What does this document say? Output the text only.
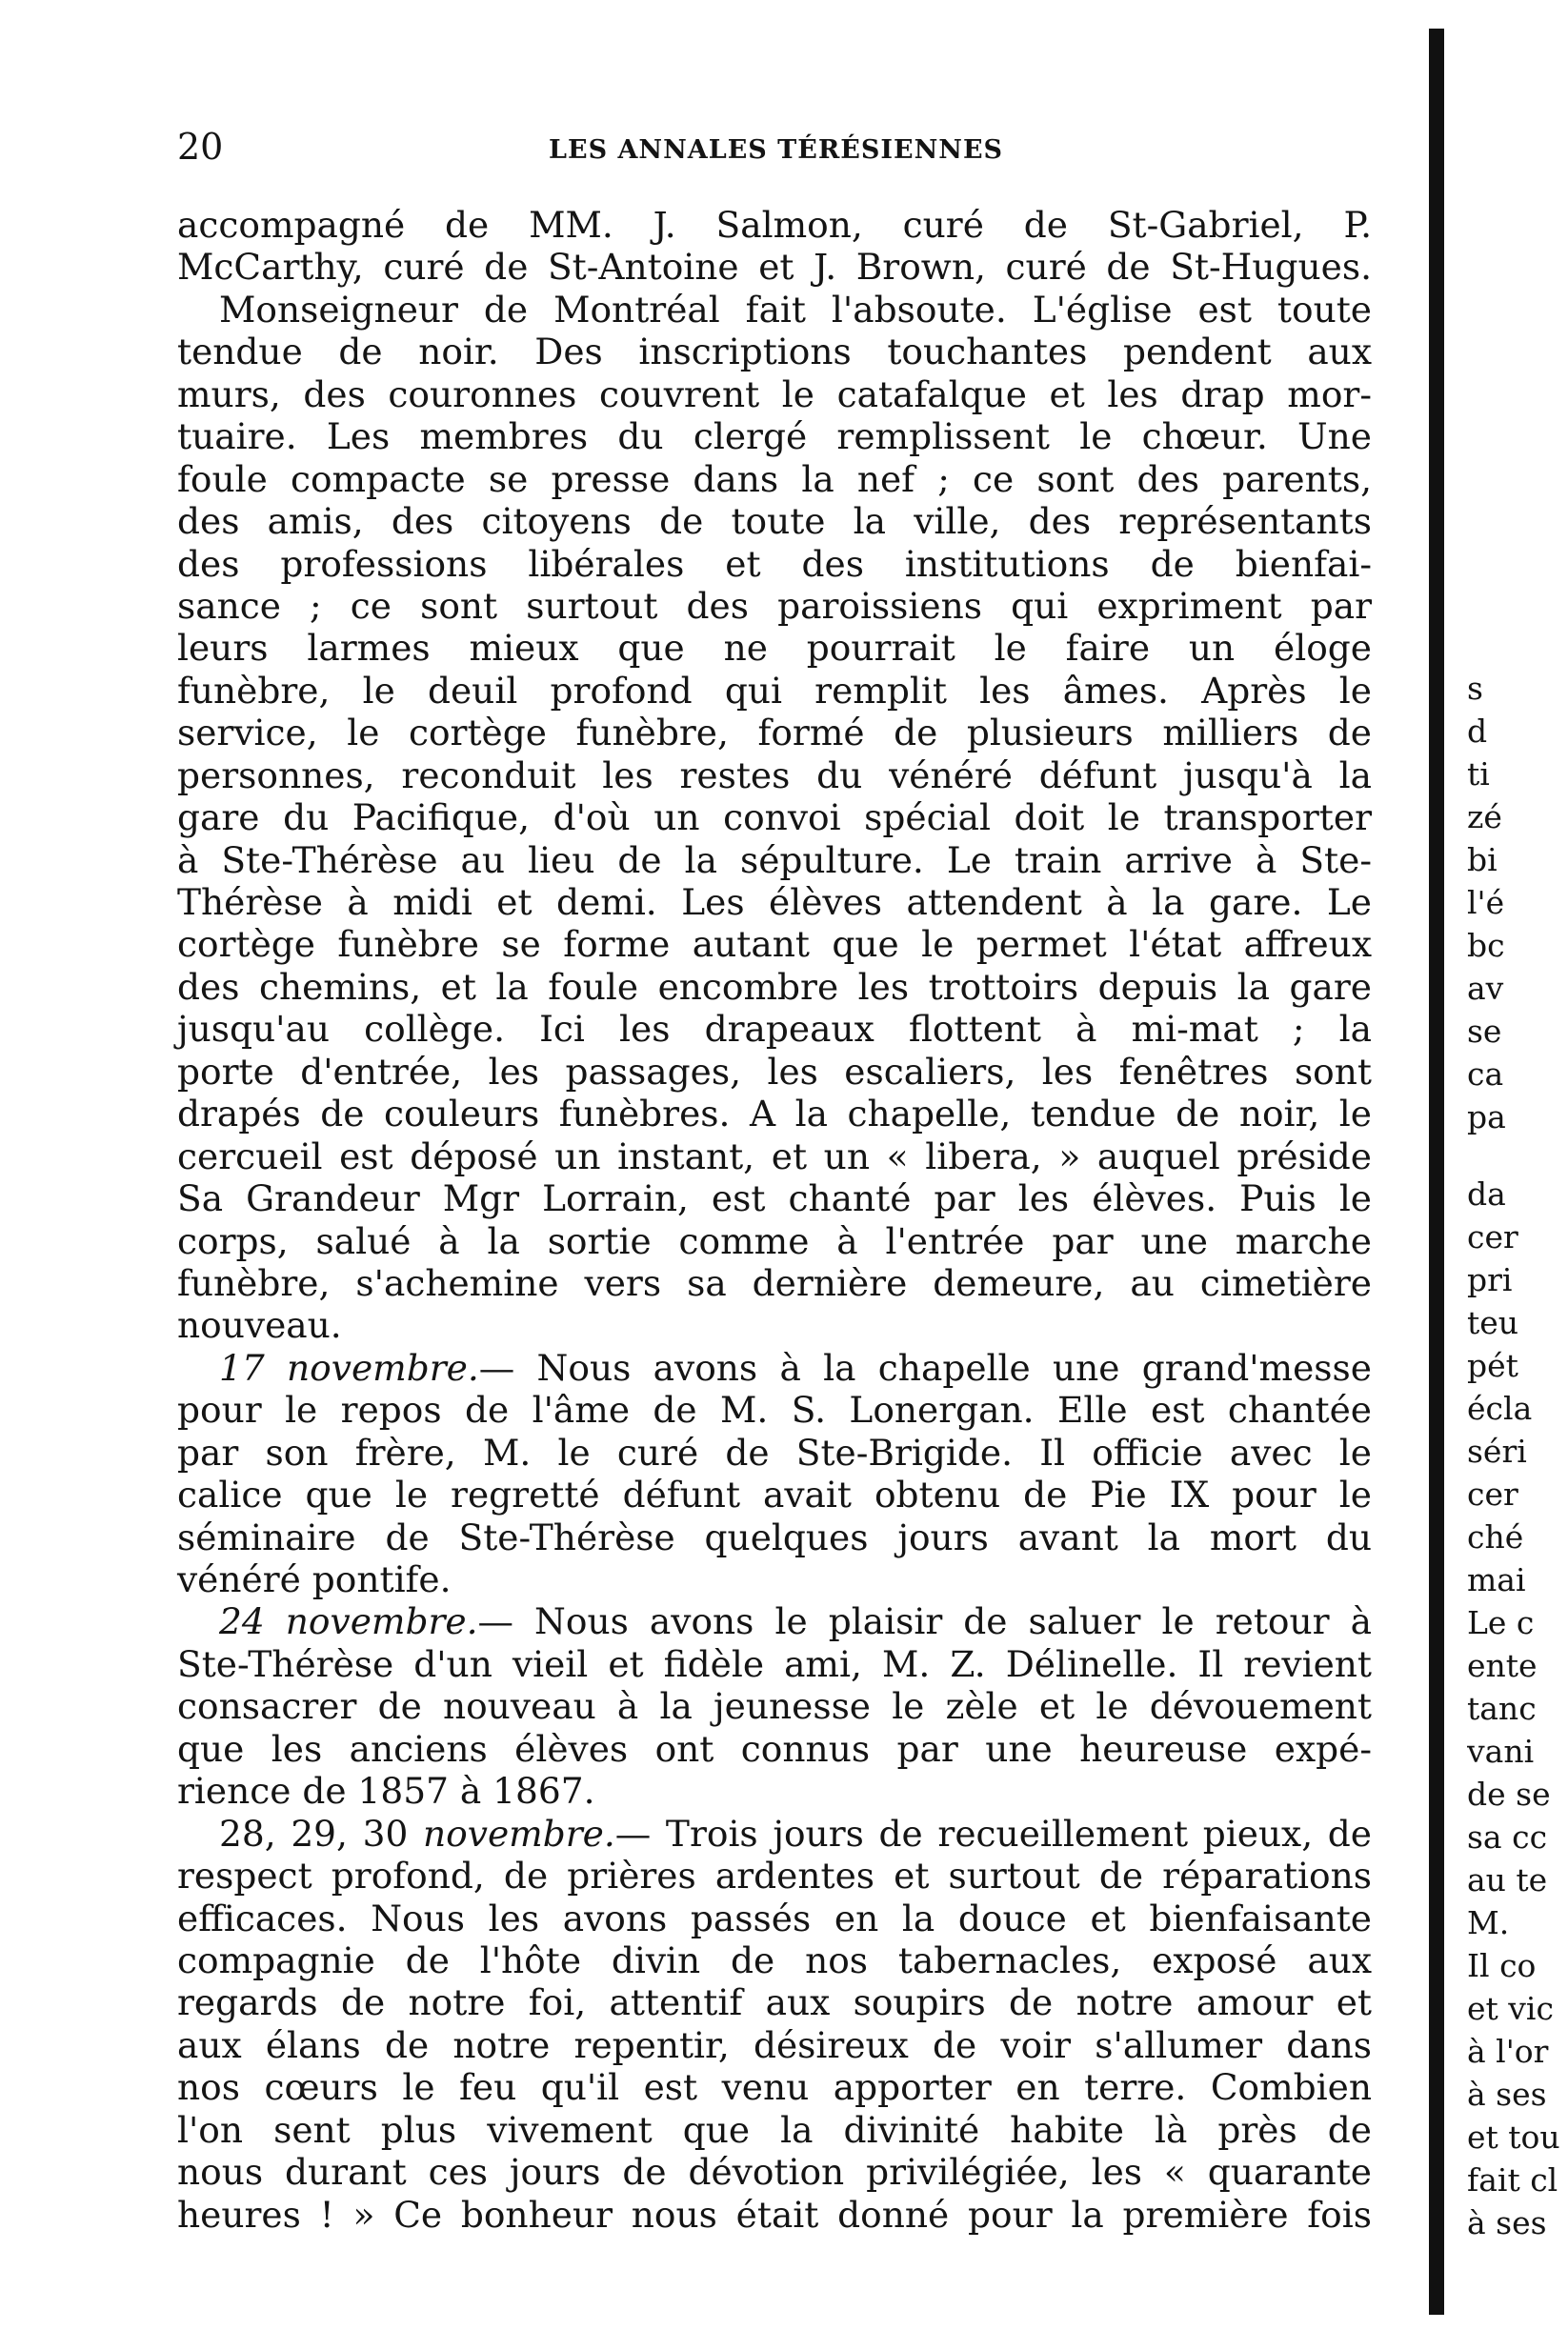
20	LES ANNALES TÉRÉSIENNES
accompagné de MM. J. Salmon, curé de St-Gabriel, P.
McCarthy, curé de St-Antoine et J. Brown, curé de St-Hugues.
Monseigneur de Montréal fait l'absoute. L'église est toute
tendue de noir. Des inscriptions touchantes pendent aux
murs, des couronnes couvrent le catafalque et les drap mor-
tuaire. Les membres du clergé remplissent le chœur. Une
foule compacte se presse dans la nef ; ce sont des parents,
des amis, des citoyens de toute la ville, des représentants
des professions libérales et des institutions de bienfai-
sance ; ce sont surtout des paroissiens qui expriment par
leurs larmes mieux que ne pourrait le faire un éloge
funèbre, le deuil profond qui remplit les âmes. Après le
service, le cortège funèbre, formé de plusieurs milliers de
personnes, reconduit les restes du vénéré défunt jusqu'à la
gare du Pacifique, d'où un convoi spécial doit le transporter
à Ste-Thérèse au lieu de la sépulture. Le train arrive à Ste-
Thérèse à midi et demi. Les élèves attendent à la gare. Le
cortège funèbre se forme autant que le permet l'état affreux
des chemins, et la foule encombre les trottoirs depuis la gare
jusqu'au collège. Ici les drapeaux flottent à mi-mat ; la
porte d'entrée, les passages, les escaliers, les fenêtres sont
drapés de couleurs funèbres. A la chapelle, tendue de noir, le
cercueil est déposé un instant, et un « libera, » auquel préside
Sa Grandeur Mgr Lorrain, est chanté par les élèves. Puis le
corps, salué à la sortie comme à l'entrée par une marche
funèbre, s'achemine vers sa dernière demeure, au cimetière
nouveau.
17 novembre.— Nous avons à la chapelle une grand'messe
pour le repos de l'âme de M. S. Lonergan. Elle est chantée
par son frère, M. le curé de Ste-Brigide. Il officie avec le
calice que le regretté défunt avait obtenu de Pie IX pour le
séminaire de Ste-Thérèse quelques jours avant la mort du
vénéré pontife.
24 novembre.— Nous avons le plaisir de saluer le retour à
Ste-Thérèse d'un vieil et fidèle ami, M. Z. Délinelle. Il revient
consacrer de nouveau à la jeunesse le zèle et le dévouement
que les anciens élèves ont connus par une heureuse expé-
rience de 1857 à 1867.
28, 29, 30 novembre.— Trois jours de recueillement pieux, de
respect profond, de prières ardentes et surtout de réparations
efficaces. Nous les avons passés en la douce et bienfaisante
compagnie de l'hôte divin de nos tabernacles, exposé aux
regards de notre foi, attentif aux soupirs de notre amour et
aux élans de notre repentir, désireux de voir s'allumer dans
nos cœurs le feu qu'il est venu apporter en terre. Combien
l'on sent plus vivement que la divinité habite là près de
nous durant ces jours de dévotion privilégiée, les « quarante
heures ! » Ce bonheur nous était donné pour la première fois
s
d
ti
zé
bi
l'é
bc
av
se
ca
pa
da
cer
pri
teu
pét
écla
séri
cer
ché
mai
Le c
ente
tanc
vani
de se
sa cc
au te
M.
Il co
et vic
à l'or
à ses
et tou
fait cl
à ses
